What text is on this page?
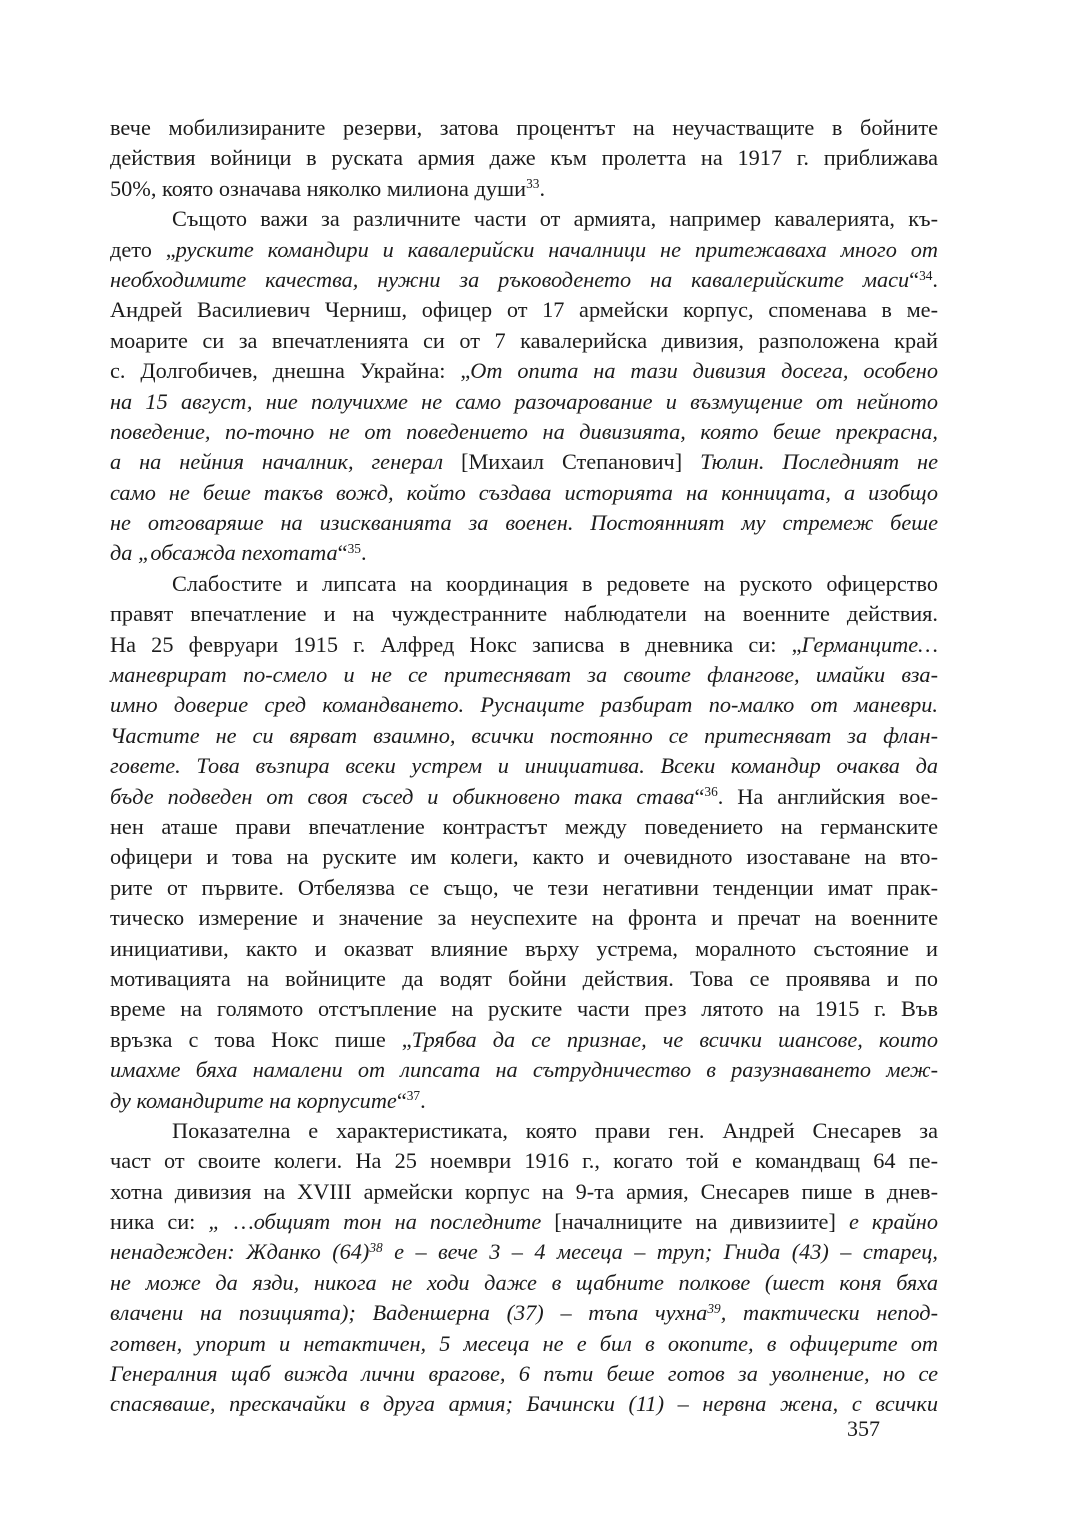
вече мобилизираните резерви, затова процентът на неучастващите в бойните
действия войници в руската армия даже към пролетта на 1917 г. приближава
50%, която означава няколко милиона души$^{33}$.
Същото важи за различните части от армията, например кавалерията, къ-
дето „руските командири и кавалерийски началници не притежаваха много от
необходимите качества, нужни за ръководенето на кавалерийските маси“$^{34}$.
Андрей Василиевич Черниш, офицер от 17 армейски корпус, споменава в ме-
моарите си за впечатленията си от 7 кавалерийска дивизия, разположена край
с. Долгобичев, днешна Украйна: „От опита на тази дивизия досега, особено
на 15 август, ние получихме не само разочарование и възмущение от нейното
поведение, по-точно не от поведението на дивизията, която беше прекрасна,
а на нейния началник, генерал [Михаил Степанович] Тюлин. Последният не
само не беше такъв вожд, който създава историята на конницата, а изобщо
не отговаряше на изискванията за военен. Постоянният му стремеж беше
да „обсажда пехотата“$^{35}$.
Слабостите и липсата на координация в редовете на руското офицерство
правят впечатление и на чуждестранните наблюдатели на военните действия.
На 25 февруари 1915 г. Алфред Нокс записва в дневника си: „Германците…
маневрират по-смело и не се притесняват за своите флангове, имайки вза-
имно доверие сред командването. Руснаците разбират по-малко от маневри.
Частите не си вярват взаимно, всички постоянно се притесняват за флан-
говете. Това възпира всеки устрем и инициатива. Всеки командир очаква да
бъде подведен от своя съсед и обикновено така става“$^{36}$. На английския вое-
нен аташе прави впечатление контрастът между поведението на германските
офицери и това на руските им колеги, както и очевидното изоставане на вто-
рите от първите. Отбелязва се също, че тези негативни тенденции имат прак-
тическо измерение и значение за неуспехите на фронта и пречат на военните
инициативи, както и оказват влияние върху устрема, моралното състояние и
мотивацията на войниците да водят бойни действия. Това се проявява и по
време на голямото отстъпление на руските части през лятото на 1915 г. Във
връзка с това Нокс пише „Трябва да се признае, че всички шансове, които
имахме бяха намалени от липсата на сътрудничество в разузнаването меж-
ду командирите на корпусите“$^{37}$.
Показателна е характеристиката, която прави ген. Андрей Снесарев за
част от своите колеги. На 25 ноември 1916 г., когато той е командващ 64 пе-
хотна дивизия на XVIII армейски корпус на 9-та армия, Снесарев пише в днев-
ника си: „ …общият тон на последните [началниците на дивизиите] е крайно
ненадежден: Жданко $(64)^{38}$ е – вече 3 – 4 месеца – труп; Гнида (43) – старец,
не може да язди, никога не ходи даже в щабните полкове (шест коня бяха
влачени на позицията); Ваденшерна (37) – тъпа чухна$^{39}$, тактически непод-
готвен, упорит и нетактичен, 5 месеца не е бил в окопите, в офицерите от
Генералния щаб вижда лични врагове, 6 пъти беше готов за уволнение, но се
спасяваше, прескачайки в друга армия; Бачински (11) – нервна жена, с всички
357
